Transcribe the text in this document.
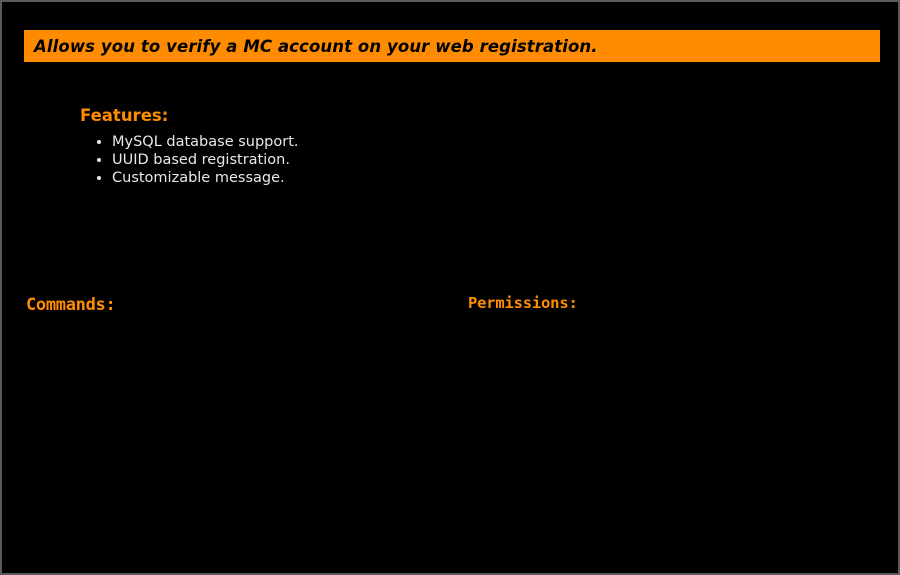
Allows you to verify a MC account on your web registration.
Features:
• MySQL database support.
• UUID based registration.
• Customizable message.
Commands:	Permissions:
